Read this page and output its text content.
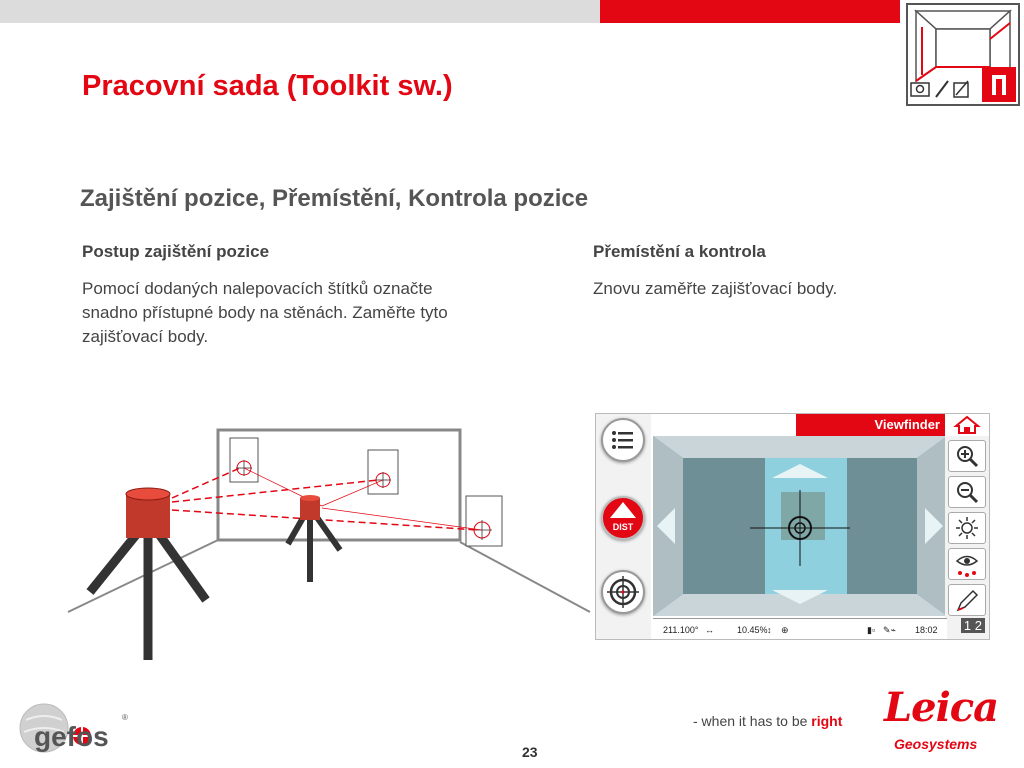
Pracovní sada (Toolkit sw.)
Zajištění pozice, Přemístění, Kontrola pozice
Postup zajištění pozice
Pomocí dodaných nalepovacích štítků označte snadno přístupné body na stěnách. Zaměřte tyto zajišťovací body.
Přemístění a kontrola
Znovu zaměřte zajišťovací body.
DIST
Viewfinder
211.100° ↔	10.45% ↕ ⊕	▮▫ ✎⌁ 18:02	1 2
gefos
®	- when it has to be right Leica
Geosystems
23
